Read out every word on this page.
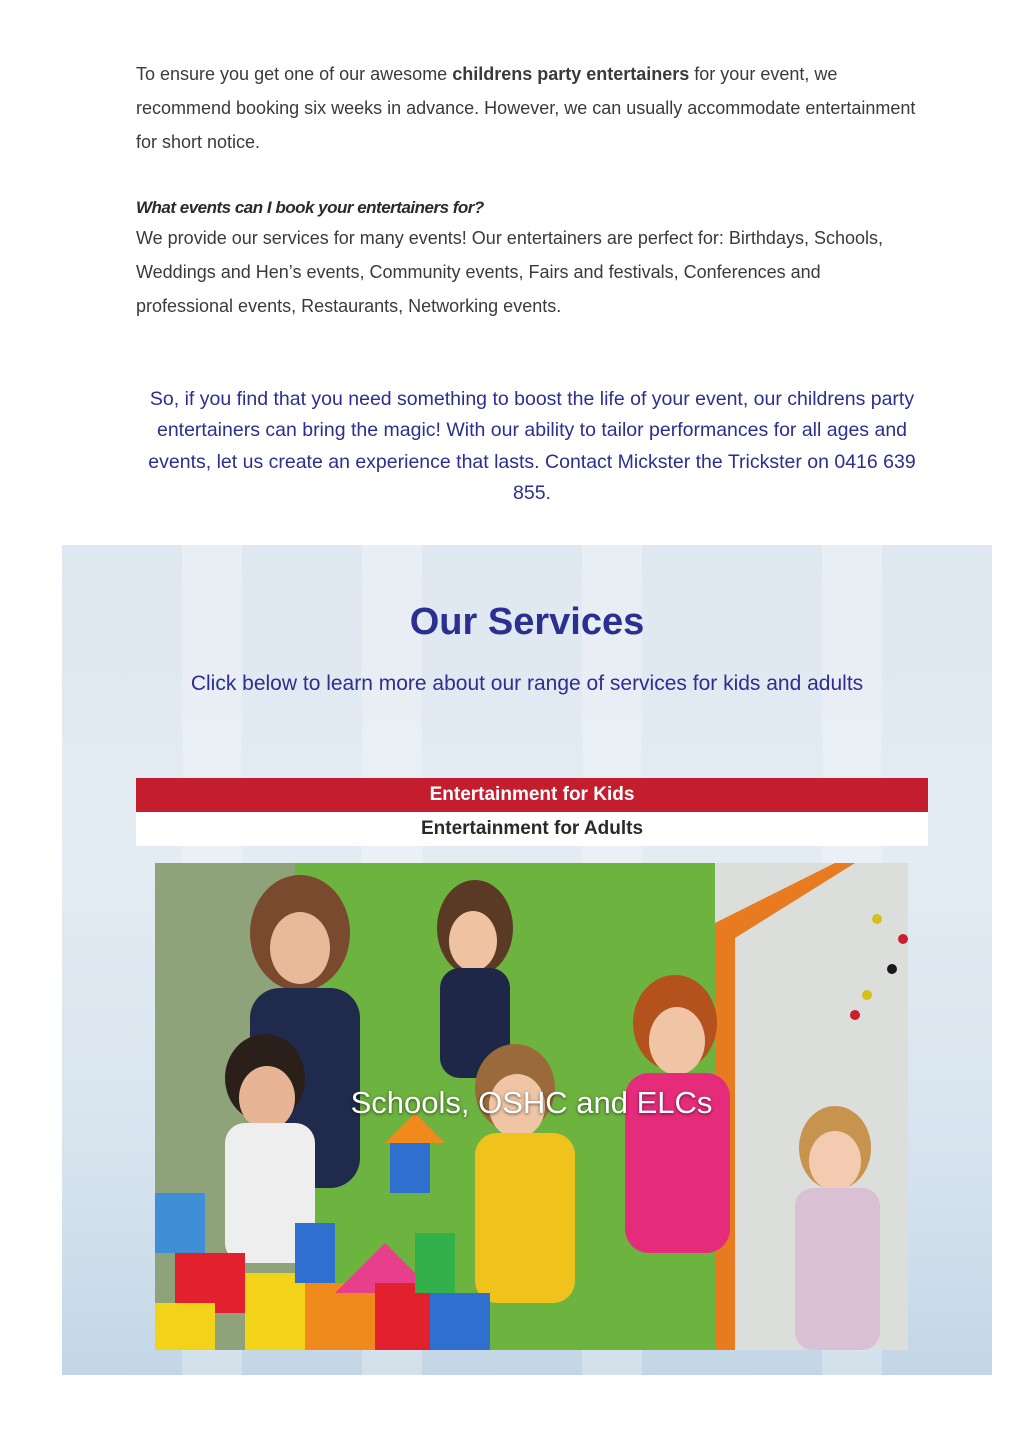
To ensure you get one of our awesome childrens party entertainers for your event, we recommend booking six weeks in advance. However, we can usually accommodate entertainment for short notice.

What events can I book your entertainers for?

We provide our services for many events! Our entertainers are perfect for: Birthdays, Schools, Weddings and Hen’s events, Community events, Fairs and festivals, Conferences and professional events, Restaurants, Networking events.

So, if you find that you need something to boost the life of your event, our childrens party entertainers can bring the magic! With our ability to tailor performances for all ages and events, let us create an experience that lasts. Contact Mickster the Trickster on 0416 639 855.

Our Services

Click below to learn more about our range of services for kids and adults

Entertainment for Kids
Entertainment for Adults
Schools, OSHC and ELCs
